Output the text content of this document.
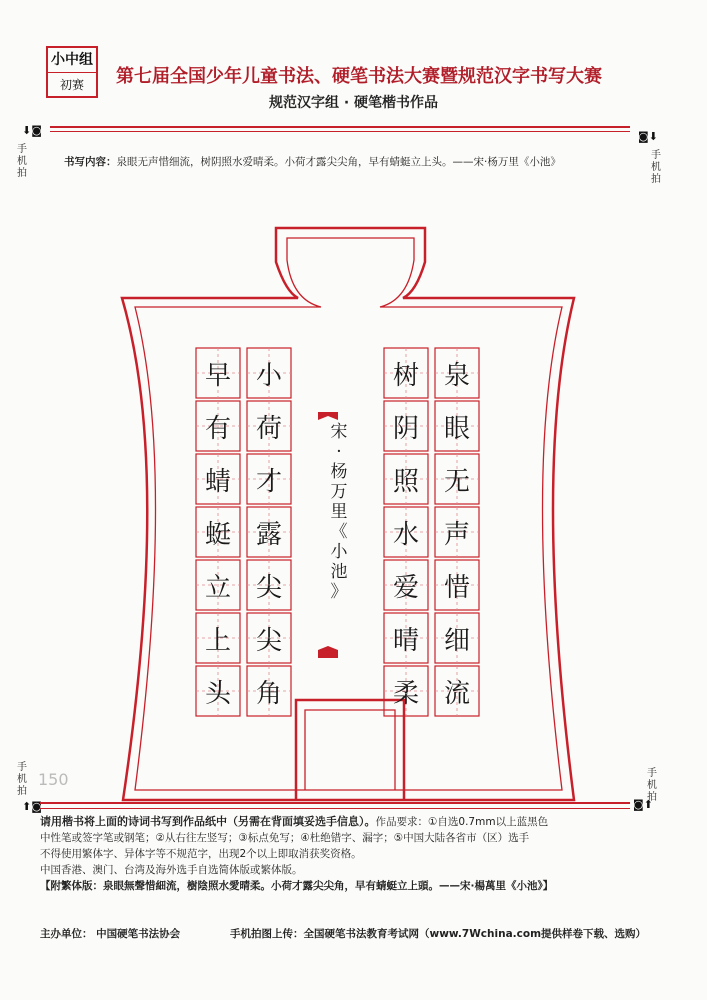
小中组
初赛	第七届全国少年儿童书法、硬笔书法大赛暨规范汉字书写大赛
规范汉字组 · 硬笔楷书作品
⬇◙	◙⬇
⬆◙	◙⬆
手机拍
手机拍
手机拍
手机拍
书写内容：泉眼无声惜细流，树阴照水爱晴柔。小荷才露尖尖角，早有蜻蜓立上头。——宋·杨万里《小池》
泉
眼
无
声
惜
细
流
树
阴
照
水
爱
晴
柔
小
荷
才
露
尖
尖
角
早
有
蜻
蜓
立
上
头
宋
·
杨
万
里
《
小
池
》
150
请用楷书将上面的诗词书写到作品纸中（另需在背面填妥选手信息）。作品要求：①自选0.7mm以上蓝黑色
中性笔或签字笔或钢笔；②从右往左竖写；③标点免写；④杜绝错字、漏字；⑤中国大陆各省市（区）选手
不得使用繁体字、异体字等不规范字，出现2个以上即取消获奖资格。
中国香港、澳门、台湾及海外选手自选简体版或繁体版。
【附繁体版：泉眼無聲惜細流，樹陰照水愛晴柔。小荷才露尖尖角，早有蜻蜓立上頭。——宋·楊萬里《小池》】
主办单位： 中国硬笔书法协会	手机拍图上传：全国硬笔书法教育考试网（www.7Wchina.com提供样卷下载、选购）
